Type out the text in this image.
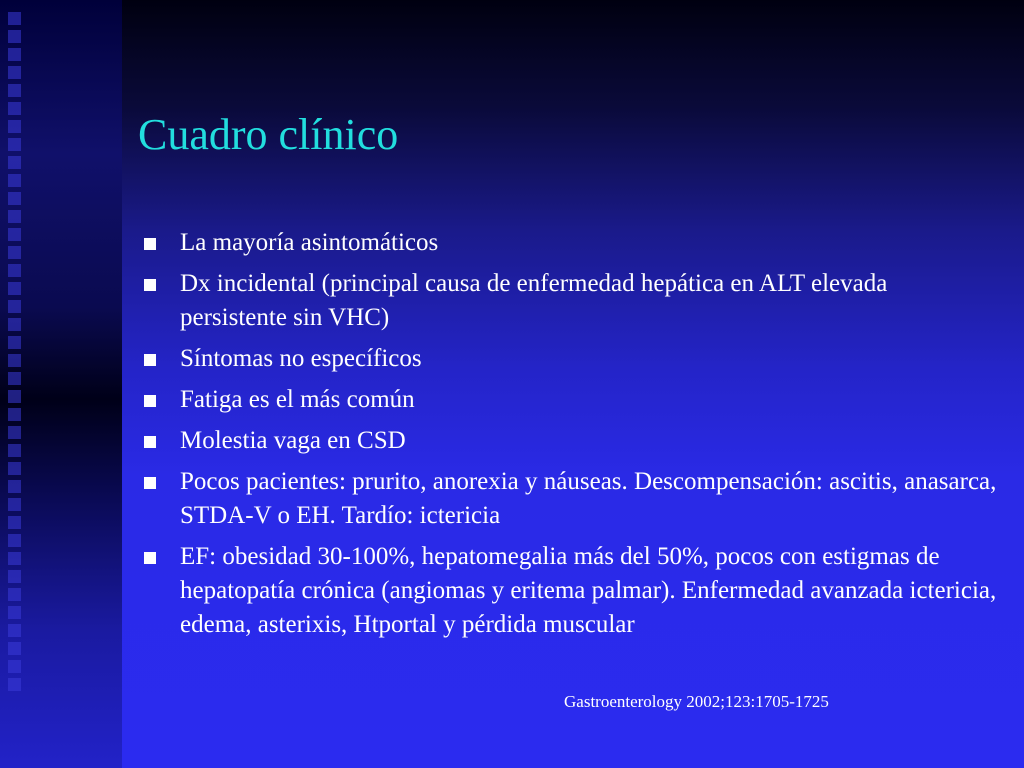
Cuadro clínico
La mayoría asintomáticos
Dx incidental (principal causa de enfermedad hepática en ALT elevada persistente sin VHC)
Síntomas no específicos
Fatiga es el más común
Molestia vaga en CSD
Pocos pacientes: prurito, anorexia y náuseas. Descompensación: ascitis, anasarca, STDA-V o EH. Tardío: ictericia
EF: obesidad 30-100%, hepatomegalia más del 50%, pocos con estigmas de hepatopatía crónica (angiomas y eritema palmar). Enfermedad avanzada ictericia, edema, asterixis, Htportal y pérdida muscular
Gastroenterology 2002;123:1705-1725
